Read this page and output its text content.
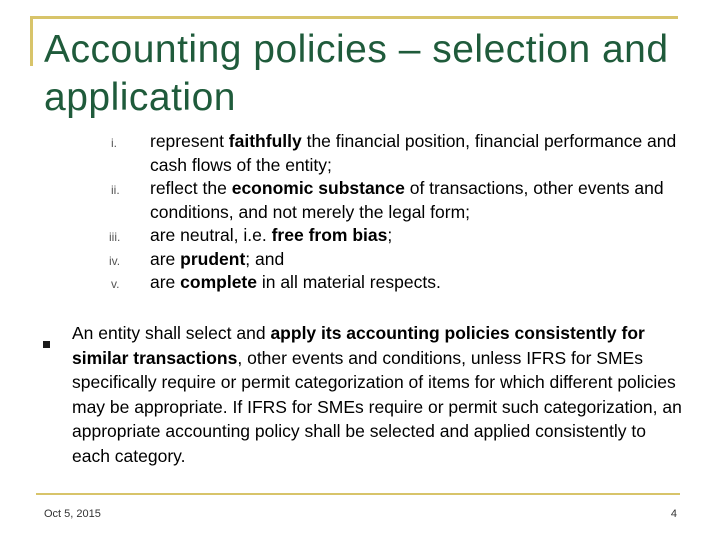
Accounting policies – selection and application
i. represent faithfully the financial position, financial performance and cash flows of the entity;
ii. reflect the economic substance of transactions, other events and conditions, and not merely the legal form;
iii. are neutral, i.e. free from bias;
iv. are prudent; and
v. are complete in all material respects.

An entity shall select and apply its accounting policies consistently for similar transactions, other events and conditions, unless IFRS for SMEs specifically require or permit categorization of items for which different policies may be appropriate. If IFRS for SMEs require or permit such categorization, an appropriate accounting policy shall be selected and applied consistently to each category.

Oct 5, 2015	4
